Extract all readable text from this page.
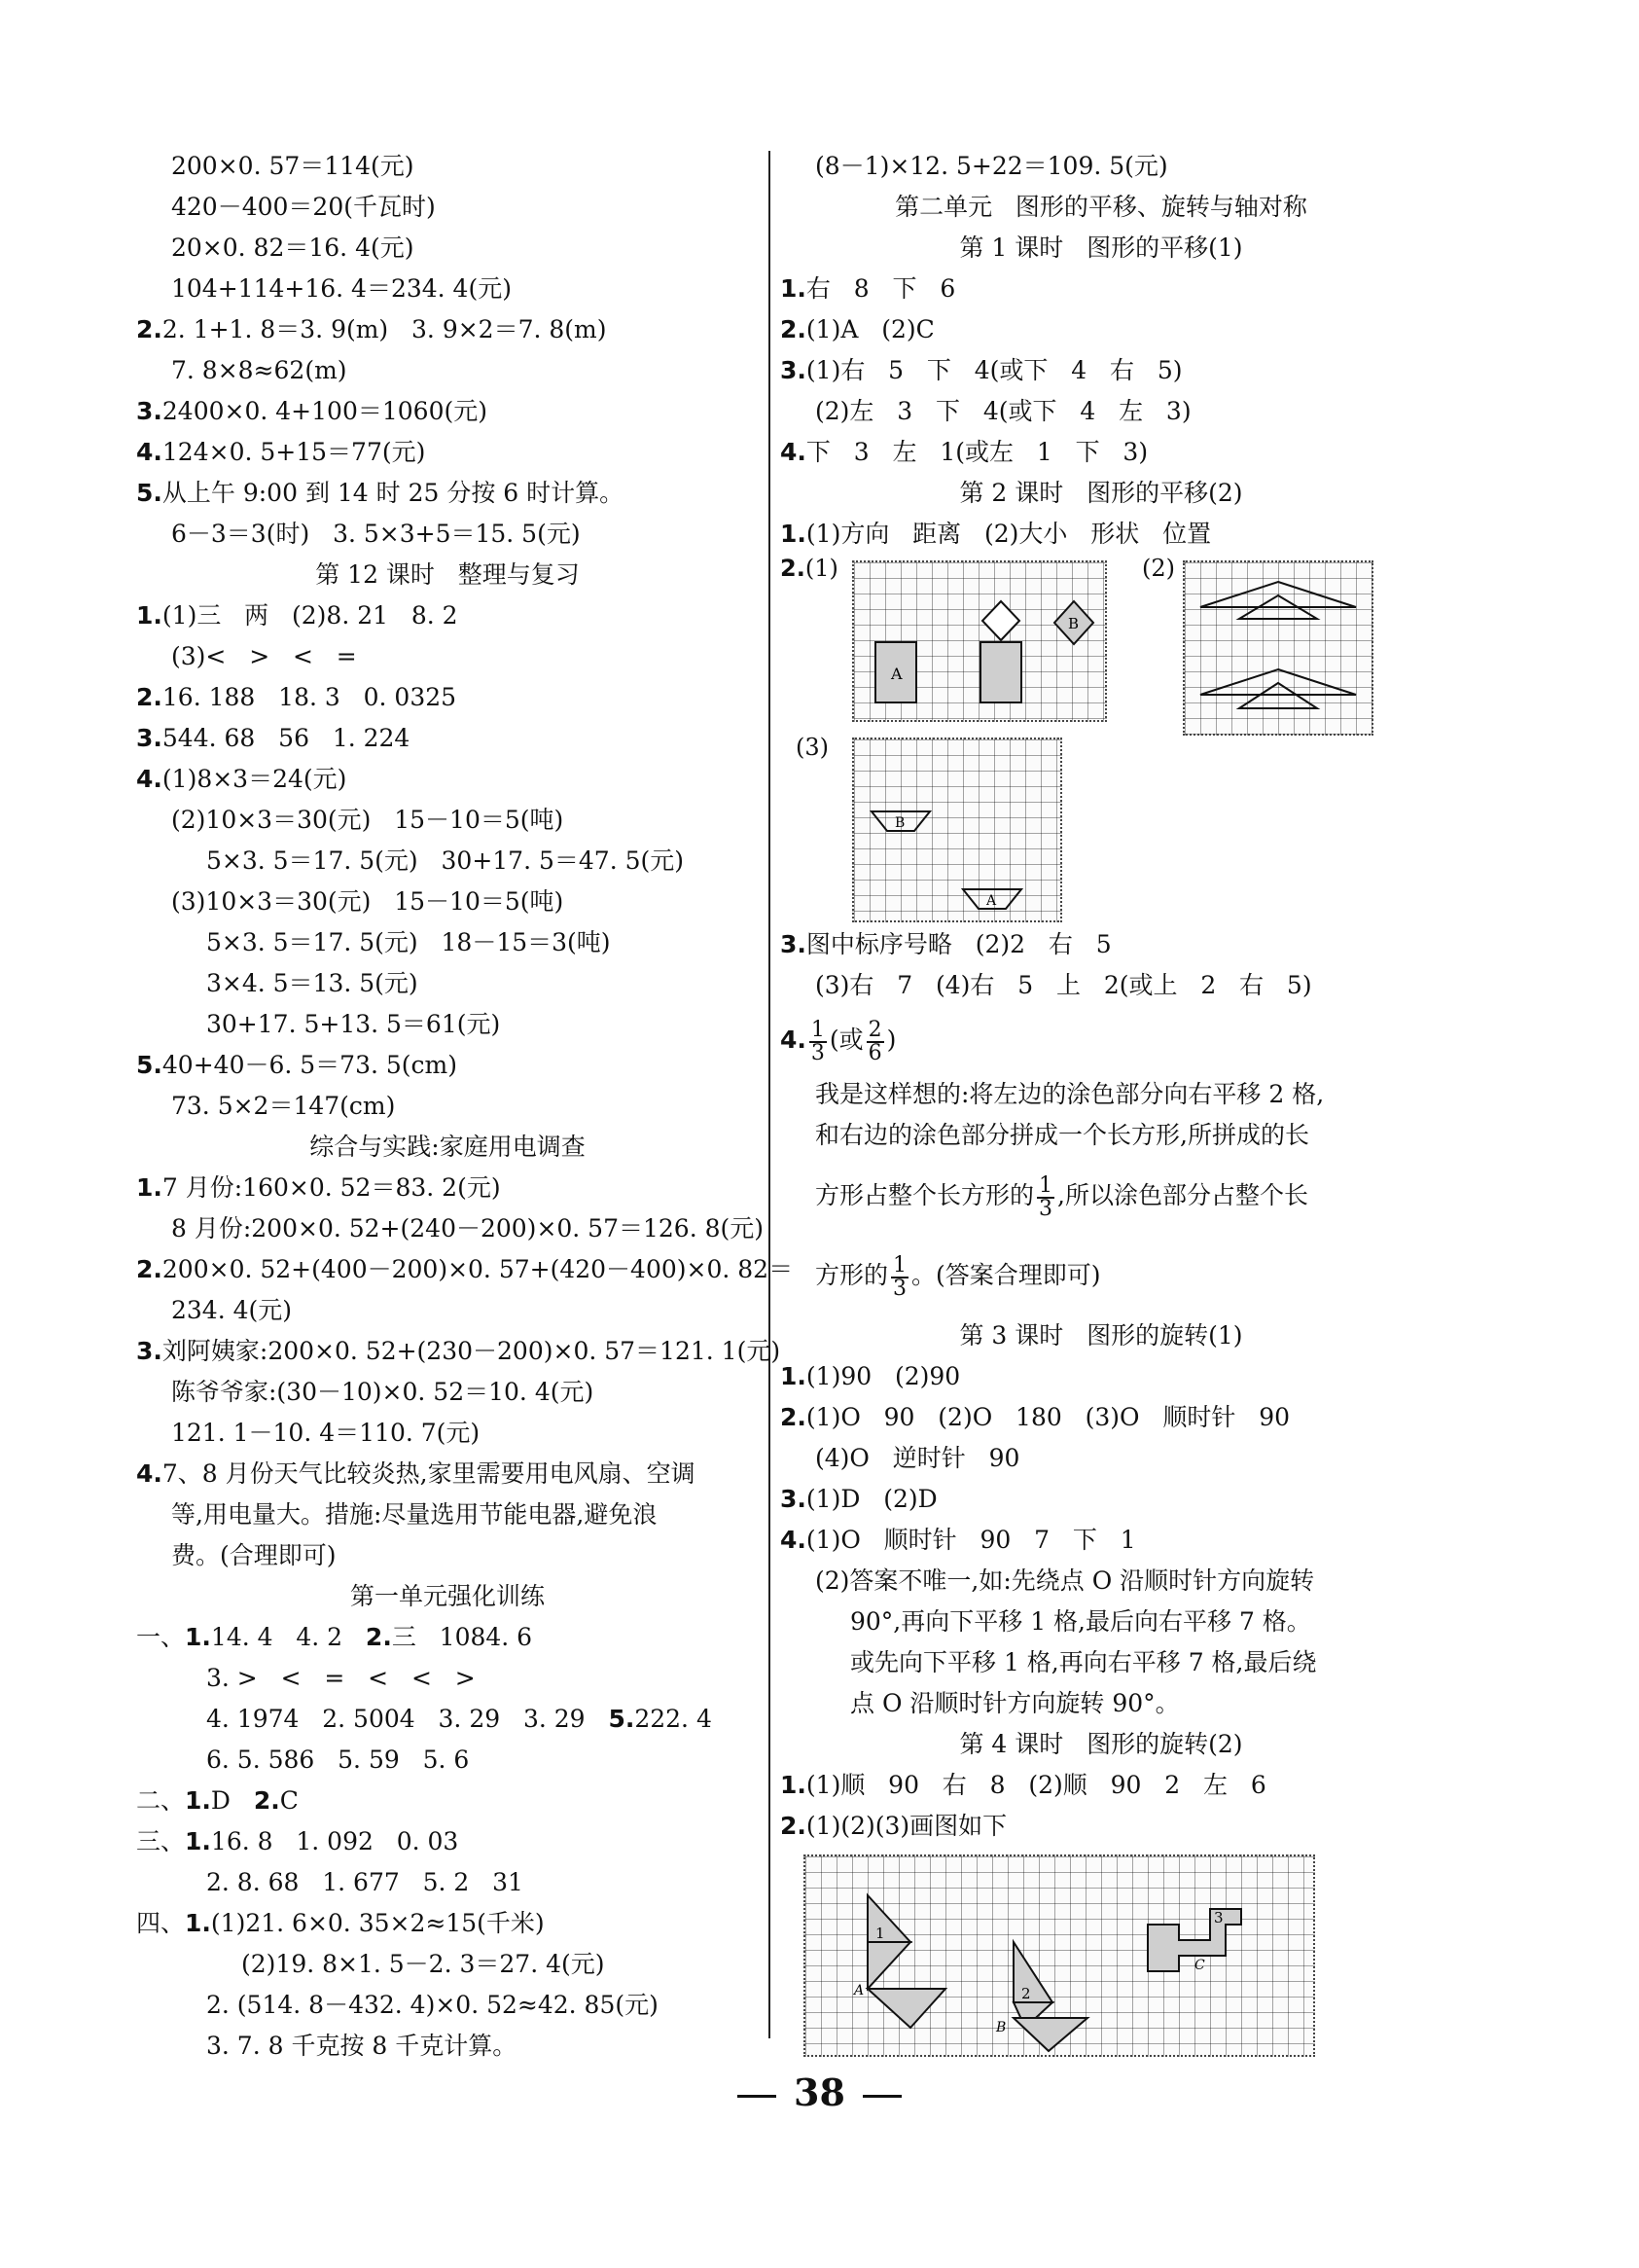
200×0. 57＝114(元)
420－400＝20(千瓦时)
20×0. 82＝16. 4(元)
104+114+16. 4＝234. 4(元)
2.2. 1+1. 8＝3. 9(m)   3. 9×2＝7. 8(m)
7. 8×8≈62(m)
3.2400×0. 4+100＝1060(元)
4.124×0. 5+15＝77(元)
5.从上午 9:00 到 14 时 25 分按 6 时计算。
6－3＝3(时)   3. 5×3+5＝15. 5(元)
第 12 课时   整理与复习
1.(1)三   两   (2)8. 21   8. 2
(3)<   >   <   =
2.16. 188   18. 3   0. 0325
3.544. 68   56   1. 224
4.(1)8×3＝24(元)
(2)10×3＝30(元)   15－10＝5(吨)
5×3. 5＝17. 5(元)   30+17. 5＝47. 5(元)
(3)10×3＝30(元)   15－10＝5(吨)
5×3. 5＝17. 5(元)   18－15＝3(吨)
3×4. 5＝13. 5(元)
30+17. 5+13. 5＝61(元)
5.40+40－6. 5＝73. 5(cm)
73. 5×2＝147(cm)
综合与实践:家庭用电调查
1.7 月份:160×0. 52＝83. 2(元)
8 月份:200×0. 52+(240－200)×0. 57＝126. 8(元)
2.200×0. 52+(400－200)×0. 57+(420－400)×0. 82＝
234. 4(元)
3.刘阿姨家:200×0. 52+(230－200)×0. 57＝121. 1(元)
陈爷爷家:(30－10)×0. 52＝10. 4(元)
121. 1－10. 4＝110. 7(元)
4.7、8 月份天气比较炎热,家里需要用电风扇、空调
等,用电量大。措施:尽量选用节能电器,避免浪
费。(合理即可)
第一单元强化训练
一、1.14. 4   4. 2   2.三   1084. 6
3. >   <   =   <   <   >
4. 1974   2. 5004   3. 29   3. 29   5.222. 4
6. 5. 586   5. 59   5. 6
二、1.D   2.C
三、1.16. 8   1. 092   0. 03
2. 8. 68   1. 677   5. 2   31
四、1.(1)21. 6×0. 35×2≈15(千米)
(2)19. 8×1. 5－2. 3＝27. 4(元)
2. (514. 8－432. 4)×0. 52≈42. 85(元)
3. 7. 8 千克按 8 千克计算。
(8－1)×12. 5+22＝109. 5(元)
第二单元   图形的平移、旋转与轴对称
第 1 课时   图形的平移(1)
1.右   8   下   6
2.(1)A   (2)C
3.(1)右   5   下   4(或下   4   右   5)
(2)左   3   下   4(或下   4   左   3)
4.下   3   左   1(或左   1   下   3)
第 2 课时   图形的平移(2)
1.(1)方向   距离   (2)大小   形状   位置
2.(1)
A
B
(2)
(3)
B
A
3.图中标序号略   (2)2   右   5
(3)右   7   (4)右   5   上   2(或上   2   右   5)
4. $\frac{1}{3}$ (或 $\frac{2}{6}$ )
我是这样想的:将左边的涂色部分向右平移 2 格,
和右边的涂色部分拼成一个长方形,所拼成的长
方形占整个长方形的 $\frac{1}{3}$ ,所以涂色部分占整个长
方形的 $\frac{1}{3}$ 。(答案合理即可)
第 3 课时   图形的旋转(1)
1.(1)90   (2)90
2.(1)O   90   (2)O   180   (3)O   顺时针   90
(4)O   逆时针   90
3.(1)D   (2)D
4.(1)O   顺时针   90   7   下   1
(2)答案不唯一,如:先绕点 O 沿顺时针方向旋转
90°,再向下平移 1 格,最后向右平移 7 格。
或先向下平移 1 格,再向右平移 7 格,最后绕
点 O 沿顺时针方向旋转 90°。
第 4 课时   图形的旋转(2)
1.(1)顺   90   右   8   (2)顺   90   2   左   6
2.(1)(2)(3)画图如下
1
A	2
B
3
C
38
